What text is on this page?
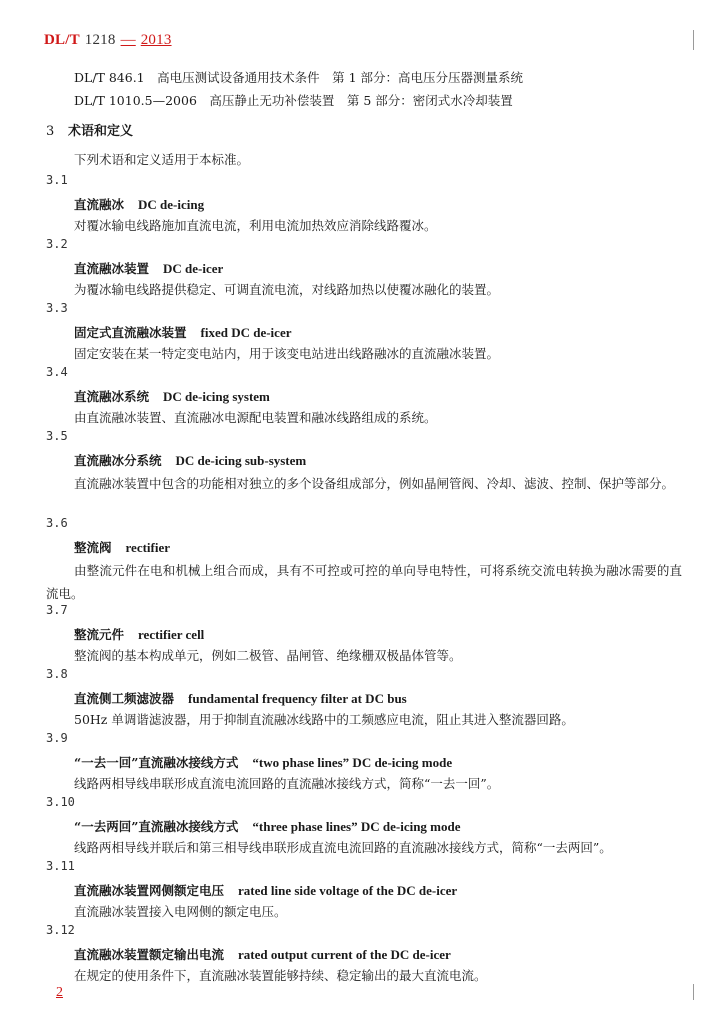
DL/T 1218 — 2013
DL/T 846.1　高电压测试设备通用技术条件　第 1 部分：高电压分压器测量系统
DL/T 1010.5—2006　高压静止无功补偿装置　第 5 部分：密闭式水冷却装置
3 术语和定义
下列术语和定义适用于本标准。
3.1
直流融冰 DC de-icing
对覆冰输电线路施加直流电流，利用电流加热效应消除线路覆冰。
3.2
直流融冰装置 DC de-icer
为覆冰输电线路提供稳定、可调直流电流，对线路加热以使覆冰融化的装置。
3.3
固定式直流融冰装置 fixed DC de-icer
固定安装在某一特定变电站内，用于该变电站进出线路融冰的直流融冰装置。
3.4
直流融冰系统 DC de-icing system
由直流融冰装置、直流融冰电源配电装置和融冰线路组成的系统。
3.5
直流融冰分系统 DC de-icing sub-system
直流融冰装置中包含的功能相对独立的多个设备组成部分，例如晶闸管阀、冷却、滤波、控制、保护等部分。
3.6
整流阀 rectifier
由整流元件在电和机械上组合而成，具有不可控或可控的单向导电特性，可将系统交流电转换为融冰需要的直流电。
3.7
整流元件 rectifier cell
整流阀的基本构成单元，例如二极管、晶闸管、绝缘栅双极晶体管等。
3.8
直流侧工频滤波器 fundamental frequency filter at DC bus
50Hz 单调谐滤波器，用于抑制直流融冰线路中的工频感应电流，阻止其进入整流器回路。
3.9
“一去一回”直流融冰接线方式 “two phase lines” DC de-icing mode
线路两相导线串联形成直流电流回路的直流融冰接线方式，简称“一去一回”。
3.10
“一去两回”直流融冰接线方式 “three phase lines” DC de-icing mode
线路两相导线并联后和第三相导线串联形成直流电流回路的直流融冰接线方式，简称“一去两回”。
3.11
直流融冰装置网侧额定电压 rated line side voltage of the DC de-icer
直流融冰装置接入电网侧的额定电压。
3.12
直流融冰装置额定输出电流 rated output current of the DC de-icer
在规定的使用条件下，直流融冰装置能够持续、稳定输出的最大直流电流。
2
